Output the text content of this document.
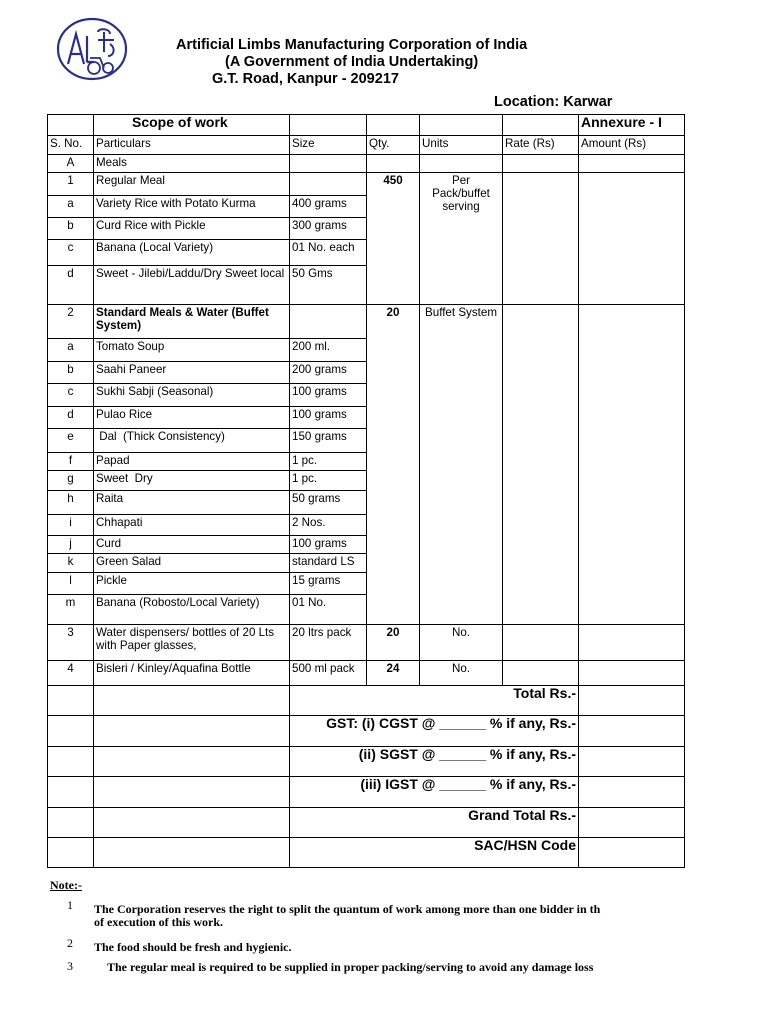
Artificial Limbs Manufacturing Corporation of India
(A Government of India Undertaking)
G.T. Road, Kanpur - 209217
Location: Karwar
	Scope of work					Annexure - I
S. No.	Particulars	Size	Qty.	Units	Rate (Rs)	Amount (Rs)
A	Meals					
1	Regular Meal		450	Per Pack/buffet serving		
a	Variety Rice with Potato Kurma	400 grams				
b	Curd Rice with Pickle	300 grams				
c	Banana (Local Variety)	01 No. each				
d	Sweet - Jilebi/Laddu/Dry Sweet local	50 Gms				
2	Standard Meals & Water (Buffet System)		20	Buffet System		
a	Tomato Soup	200 ml.				
b	Saahi Paneer	200 grams				
c	Sukhi Sabji (Seasonal)	100 grams				
d	Pulao Rice	100 grams				
e	Dal  (Thick Consistency)	150 grams				
f	Papad	1 pc.				
g	Sweet  Dry	1 pc.				
h	Raita	50 grams				
i	Chhapati	2 Nos.				
j	Curd	100 grams				
k	Green Salad	standard LS				
l	Pickle	15 grams				
m	Banana (Robosto/Local Variety)	01 No.				
3	Water dispensers/ bottles of 20 Lts with Paper glasses,	20 ltrs pack	20	No.		
4	Bisleri / Kinley/Aquafina Bottle	500 ml pack	24	No.		
		Total Rs.-				
		GST: (i) CGST @ ______ % if any, Rs.-				
		(ii) SGST @ ______ % if any, Rs.-				
		(iii) IGST @ ______ % if any, Rs.-				
		Grand Total Rs.-				
		SAC/HSN Code				
Note:-
1 The Corporation reserves the right to split the quantum of work among more than one bidder in th
of execution of this work.
2 The food should be fresh and hygienic.
3	The regular meal is required to be supplied in proper packing/serving to avoid any damage loss
